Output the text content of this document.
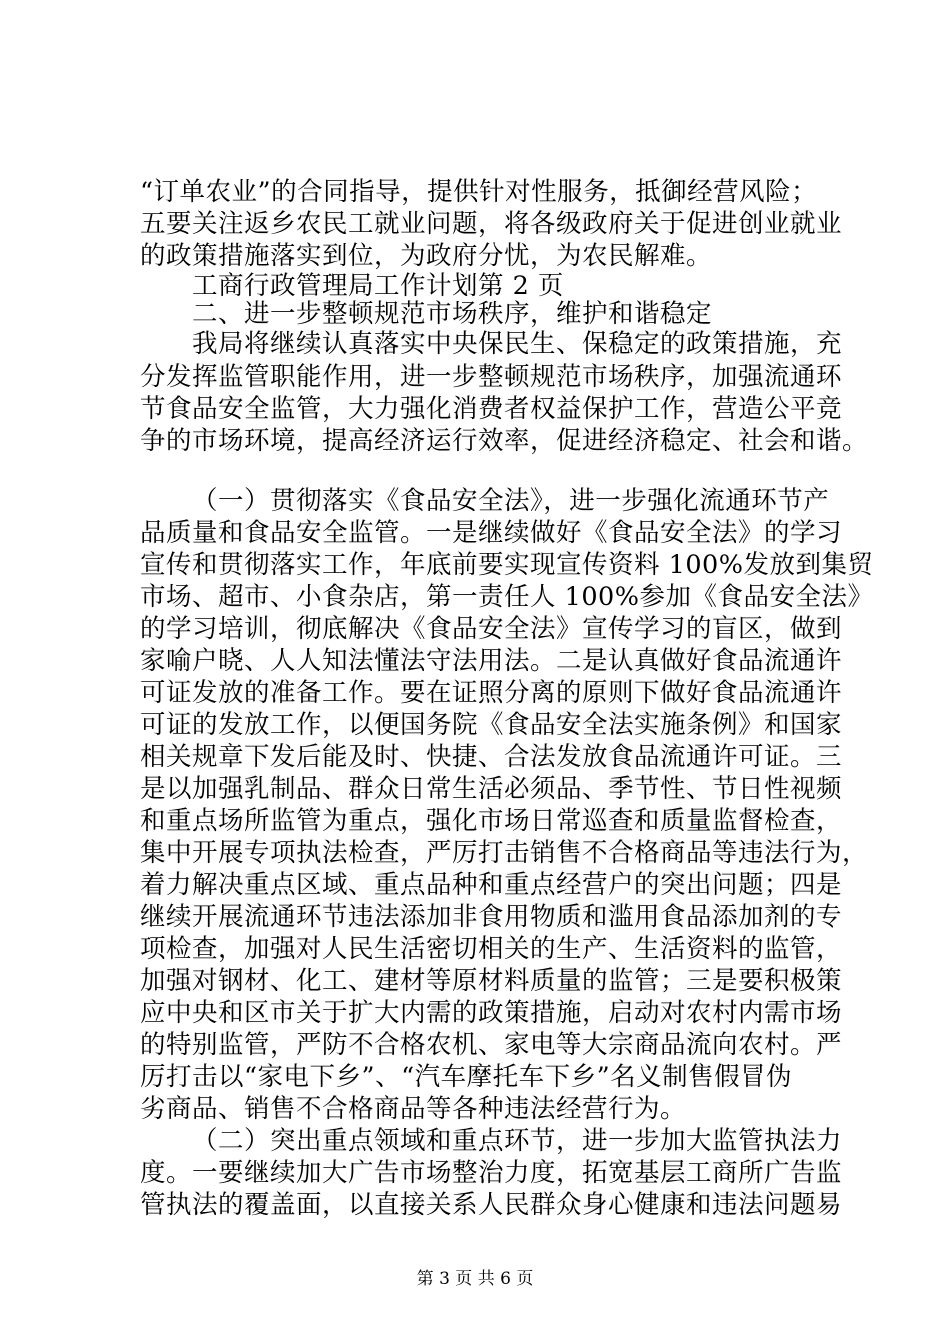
“订单农业”的合同指导，提供针对性服务，抵御经营风险；
五要关注返乡农民工就业问题，将各级政府关于促进创业就业
的政策措施落实到位，为政府分忧，为农民解难。
工商行政管理局工作计划第 2 页
二、进一步整顿规范市场秩序，维护和谐稳定
我局将继续认真落实中央保民生、保稳定的政策措施，充
分发挥监管职能作用，进一步整顿规范市场秩序，加强流通环
节食品安全监管，大力强化消费者权益保护工作，营造公平竞
争的市场环境，提高经济运行效率，促进经济稳定、社会和谐。
（一）贯彻落实《食品安全法》，进一步强化流通环节产
品质量和食品安全监管。一是继续做好《食品安全法》的学习
宣传和贯彻落实工作，年底前要实现宣传资料 100%发放到集贸
市场、超市、小食杂店，第一责任人 100%参加《食品安全法》
的学习培训，彻底解决《食品安全法》宣传学习的盲区，做到
家喻户晓、人人知法懂法守法用法。二是认真做好食品流通许
可证发放的准备工作。要在证照分离的原则下做好食品流通许
可证的发放工作，以便国务院《食品安全法实施条例》和国家
相关规章下发后能及时、快捷、合法发放食品流通许可证。三
是以加强乳制品、群众日常生活必须品、季节性、节日性视频
和重点场所监管为重点，强化市场日常巡查和质量监督检查，
集中开展专项执法检查，严厉打击销售不合格商品等违法行为，
着力解决重点区域、重点品种和重点经营户的突出问题；四是
继续开展流通环节违法添加非食用物质和滥用食品添加剂的专
项检查，加强对人民生活密切相关的生产、生活资料的监管，
加强对钢材、化工、建材等原材料质量的监管；三是要积极策
应中央和区市关于扩大内需的政策措施，启动对农村内需市场
的特别监管，严防不合格农机、家电等大宗商品流向农村。严
厉打击以“家电下乡”、“汽车摩托车下乡”名义制售假冒伪
劣商品、销售不合格商品等各种违法经营行为。
（二）突出重点领域和重点环节，进一步加大监管执法力
度。一要继续加大广告市场整治力度，拓宽基层工商所广告监
管执法的覆盖面，以直接关系人民群众身心健康和违法问题易
第 3 页 共 6 页
